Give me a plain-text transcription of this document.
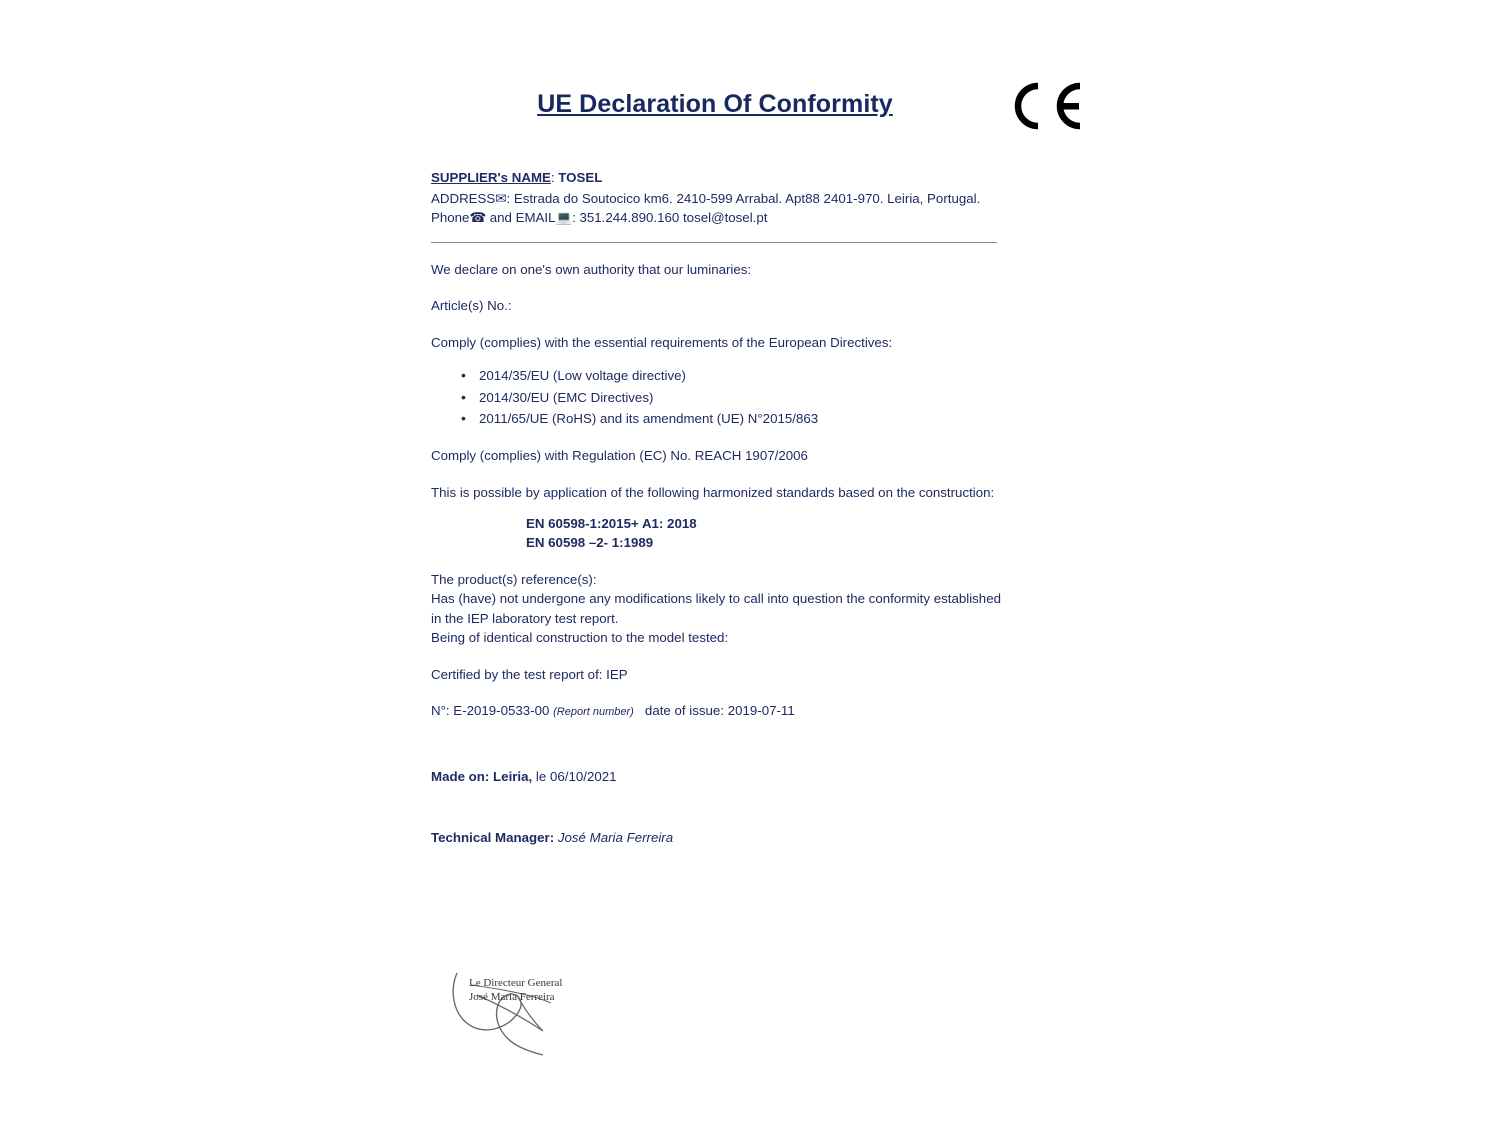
UE Declaration Of Conformity

SUPPLIER's NAME: TOSEL

ADDRESS✉: Estrada do Soutocico km6. 2410-599 Arrabal. Apt88 2401-970. Leiria, Portugal.

Phone☎ and EMAIL💻: 351.244.890.160 tosel@tosel.pt

We declare on one's own authority that our luminaries:

Article(s) No.:

Comply (complies) with the essential requirements of the European Directives:

• 2014/35/EU (Low voltage directive)
• 2014/30/EU (EMC Directives)
• 2011/65/UE (RoHS) and its amendment (UE) N°2015/863

Comply (complies) with Regulation (EC) No. REACH 1907/2006

This is possible by application of the following harmonized standards based on the construction:

EN 60598-1:2015+ A1: 2018
EN 60598 –2- 1:1989

The product(s) reference(s):

Has (have) not undergone any modifications likely to call into question the conformity established in the IEP laboratory test report.

Being of identical construction to the model tested:

Certified by the test report of: IEP

N°: E-2019-0533-00 (Report number) date of issue: 2019-07-11

Made on: Leiria, le 06/10/2021

Technical Manager: José Maria Ferreira

Le Directeur General
José Maria Ferreira
